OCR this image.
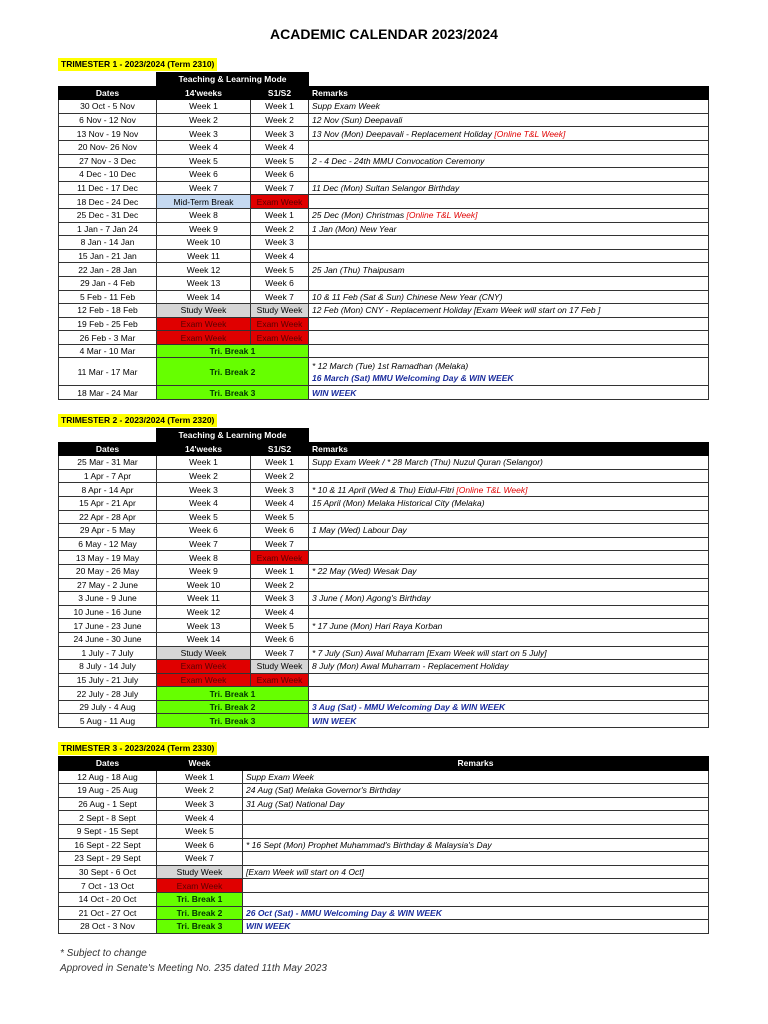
ACADEMIC CALENDAR 2023/2024
TRIMESTER 1 - 2023/2024 (Term 2310)
	Teaching & Learning Mode		
Dates	14'weeks	S1/S2	Remarks
30 Oct - 5 Nov	Week 1	Week 1	Supp Exam Week
6 Nov - 12 Nov	Week 2	Week 2	12 Nov (Sun) Deepavali
13 Nov - 19 Nov	Week 3	Week 3	13 Nov (Mon) Deepavali - Replacement Holiday [Online T&L Week]
20 Nov- 26 Nov	Week 4	Week 4	
27 Nov - 3 Dec	Week 5	Week 5	2 - 4 Dec - 24th MMU Convocation Ceremony
4 Dec - 10 Dec	Week 6	Week 6	
11 Dec - 17 Dec	Week 7	Week 7	11 Dec (Mon) Sultan Selangor Birthday
18 Dec - 24 Dec	Mid-Term Break	Exam Week	
25 Dec - 31 Dec	Week 8	Week 1	25 Dec (Mon) Christmas [Online T&L Week]
1 Jan - 7 Jan 24	Week 9	Week 2	1 Jan (Mon) New Year
8 Jan - 14 Jan	Week 10	Week 3	
15 Jan - 21 Jan	Week 11	Week 4	
22 Jan - 28 Jan	Week 12	Week 5	25 Jan (Thu) Thaipusam
29 Jan - 4 Feb	Week 13	Week 6	
5 Feb - 11 Feb	Week 14	Week 7	10 & 11 Feb (Sat & Sun) Chinese New Year (CNY)
12 Feb - 18 Feb	Study Week	Study Week	12 Feb (Mon) CNY - Replacement Holiday [Exam Week will start on 17 Feb ]
19 Feb - 25 Feb	Exam Week	Exam Week	
26 Feb - 3 Mar	Exam Week	Exam Week	
4 Mar - 10 Mar	Tri. Break 1		
11 Mar - 17 Mar	Tri. Break 2		* 12 March (Tue) 1st Ramadhan (Melaka)
16 March (Sat) MMU Welcoming Day & WIN WEEK
18 Mar - 24 Mar	Tri. Break 3		WIN WEEK
TRIMESTER 2 - 2023/2024 (Term 2320)
	Teaching & Learning Mode		
Dates	14'weeks	S1/S2	Remarks
25 Mar - 31 Mar	Week 1	Week 1	Supp Exam Week / * 28 March (Thu) Nuzul Quran (Selangor)
1 Apr - 7 Apr	Week 2	Week 2	
8 Apr - 14 Apr	Week 3	Week 3	* 10 & 11 April (Wed & Thu) Eidul-Fitri [Online T&L Week]
15 Apr - 21 Apr	Week 4	Week 4	15 April (Mon) Melaka Historical City (Melaka)
22 Apr - 28 Apr	Week 5	Week 5	
29 Apr - 5 May	Week 6	Week 6	1 May (Wed) Labour Day
6 May - 12 May	Week 7	Week 7	
13 May - 19 May	Week 8	Exam Week	
20 May - 26 May	Week 9	Week 1	* 22 May (Wed) Wesak Day
27 May - 2 June	Week 10	Week 2	
3 June - 9 June	Week 11	Week 3	3 June ( Mon) Agong's Birthday
10 June - 16 June	Week 12	Week 4	
17 June - 23 June	Week 13	Week 5	* 17 June (Mon) Hari Raya Korban
24 June - 30 June	Week 14	Week 6	
1 July - 7 July	Study Week	Week 7	* 7 July (Sun) Awal Muharram [Exam Week will start on 5 July]
8 July - 14 July	Exam Week	Study Week	8 July (Mon) Awal Muharram - Replacement Holiday
15 July - 21 July	Exam Week	Exam Week	
22 July - 28 July	Tri. Break 1		
29 July - 4 Aug	Tri. Break 2		3 Aug (Sat) - MMU Welcoming Day & WIN WEEK
5 Aug - 11 Aug	Tri. Break 3		WIN WEEK
TRIMESTER 3 - 2023/2024 (Term 2330)
Dates	Week	Remarks
12 Aug - 18 Aug	Week 1	Supp Exam Week
19 Aug - 25 Aug	Week 2	24 Aug (Sat) Melaka Governor's Birthday
26 Aug - 1 Sept	Week 3	31 Aug (Sat) National Day
2 Sept - 8 Sept	Week 4	
9 Sept - 15 Sept	Week 5	
16 Sept - 22 Sept	Week 6	* 16 Sept (Mon) Prophet Muhammad's Birthday & Malaysia's Day
23 Sept - 29 Sept	Week 7	
30 Sept - 6 Oct	Study Week	[Exam Week will start on 4 Oct]
7 Oct - 13 Oct	Exam Week	
14 Oct - 20 Oct	Tri. Break 1	
21 Oct - 27 Oct	Tri. Break 2	26 Oct (Sat) - MMU Welcoming Day & WIN WEEK
28 Oct - 3 Nov	Tri. Break 3	WIN WEEK
* Subject to change
Approved in Senate's Meeting No. 235 dated 11th May 2023
